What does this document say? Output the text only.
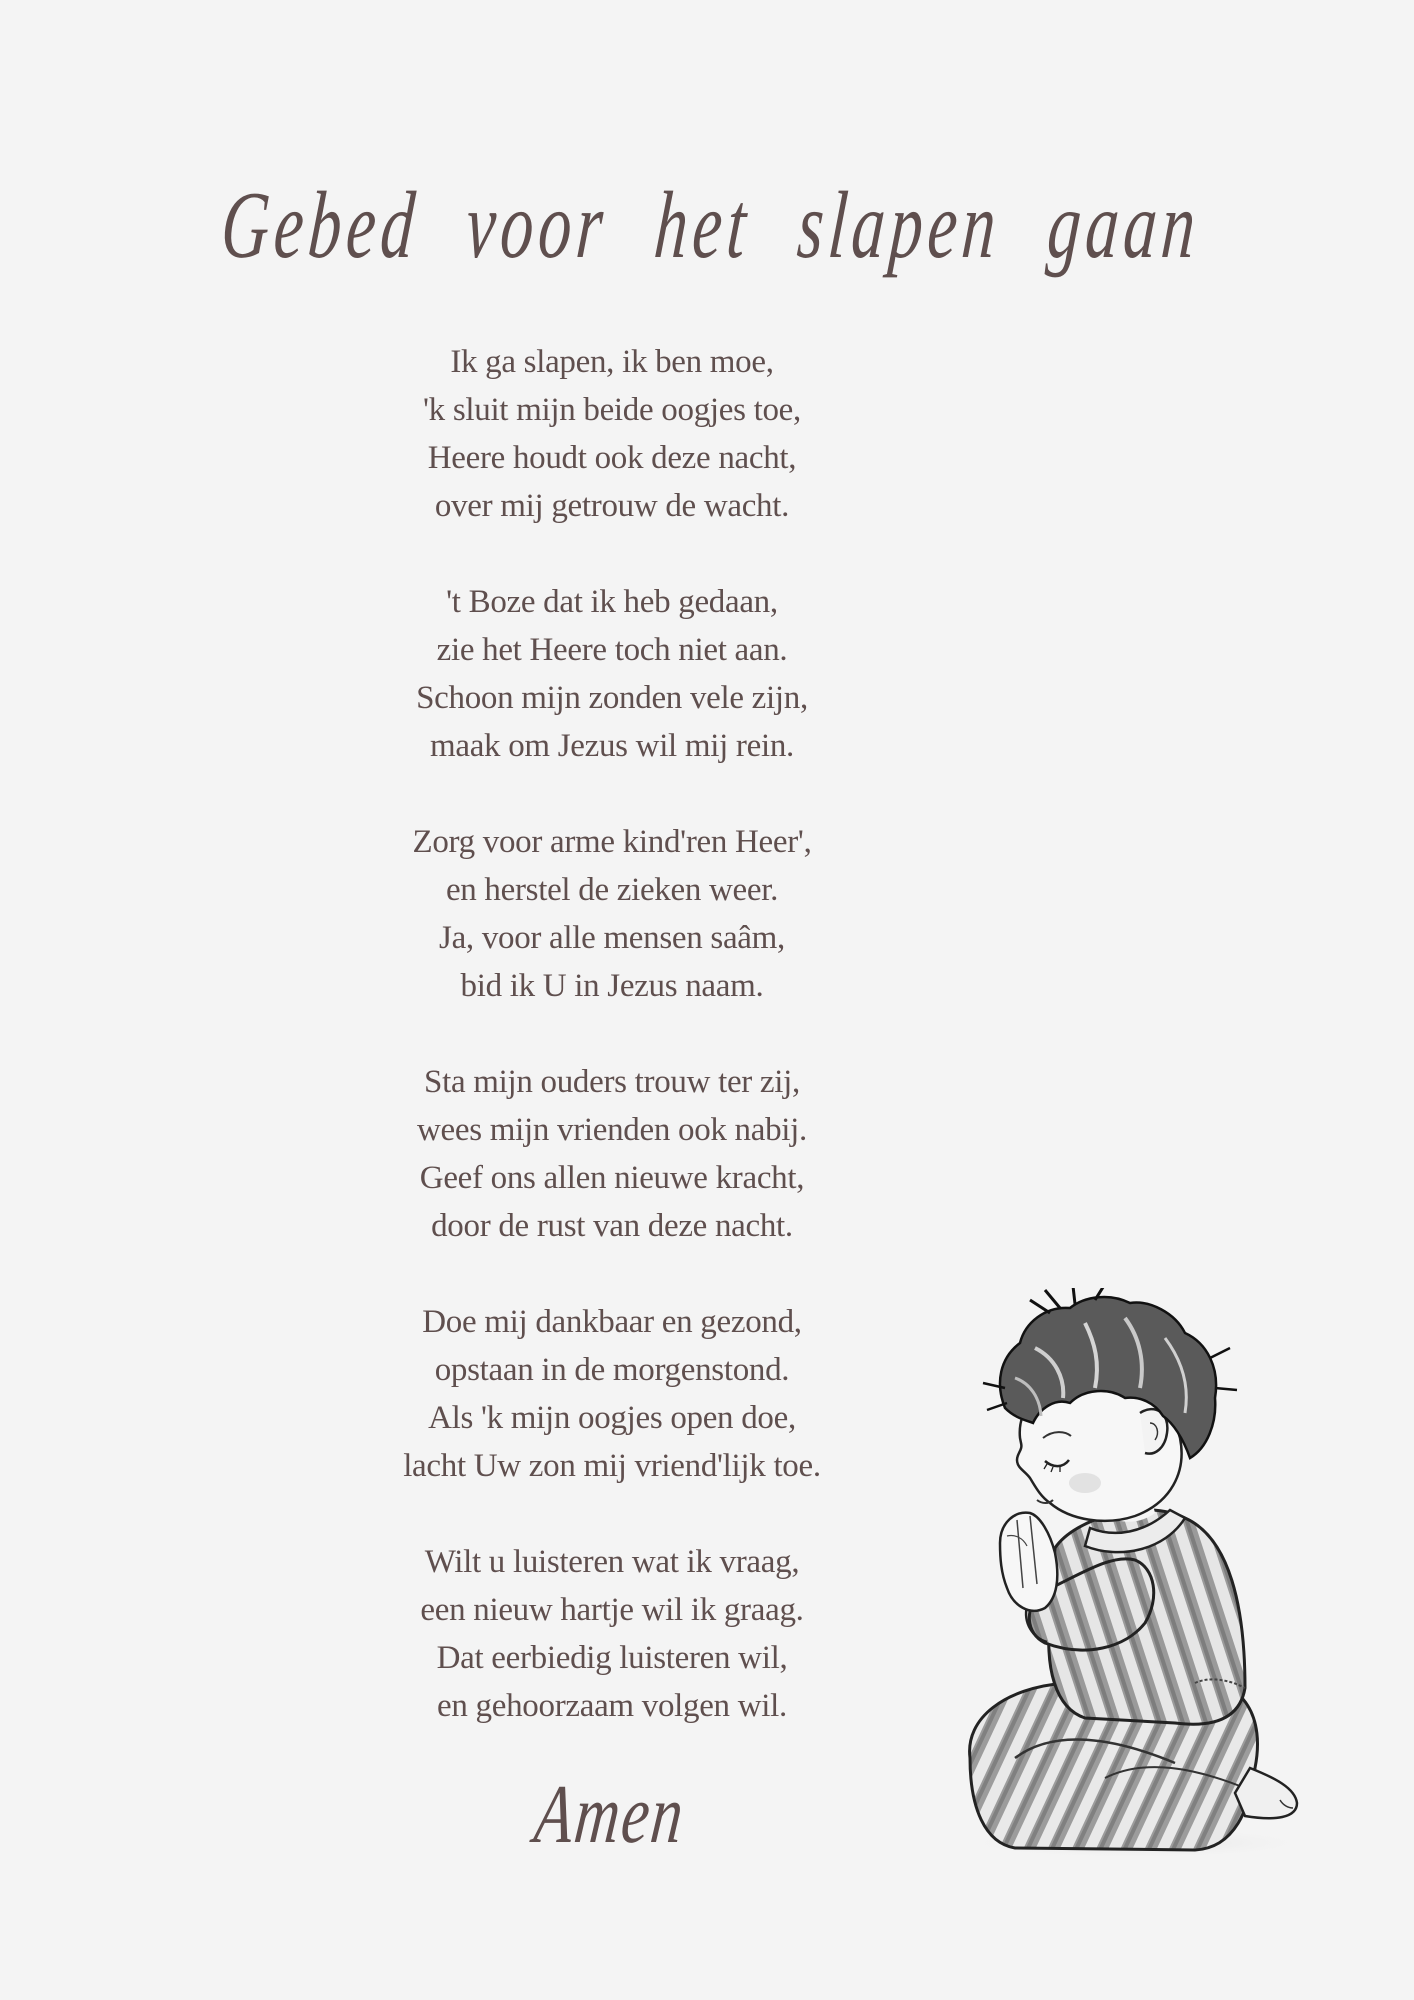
Gebed voor het slapen gaan
Ik ga slapen, ik ben moe,
'k sluit mijn beide oogjes toe,
Heere houdt ook deze nacht,
over mij getrouw de wacht.
't Boze dat ik heb gedaan,
zie het Heere toch niet aan.
Schoon mijn zonden vele zijn,
maak om Jezus wil mij rein.
Zorg voor arme kind'ren Heer',
en herstel de zieken weer.
Ja, voor alle mensen saâm,
bid ik U in Jezus naam.
Sta mijn ouders trouw ter zij,
wees mijn vrienden ook nabij.
Geef ons allen nieuwe kracht,
door de rust van deze nacht.
Doe mij dankbaar en gezond,
opstaan in de morgenstond.
Als 'k mijn oogjes open doe,
lacht Uw zon mij vriend'lijk toe.
Wilt u luisteren wat ik vraag,
een nieuw hartje wil ik graag.
Dat eerbiedig luisteren wil,
en gehoorzaam volgen wil.
Amen
